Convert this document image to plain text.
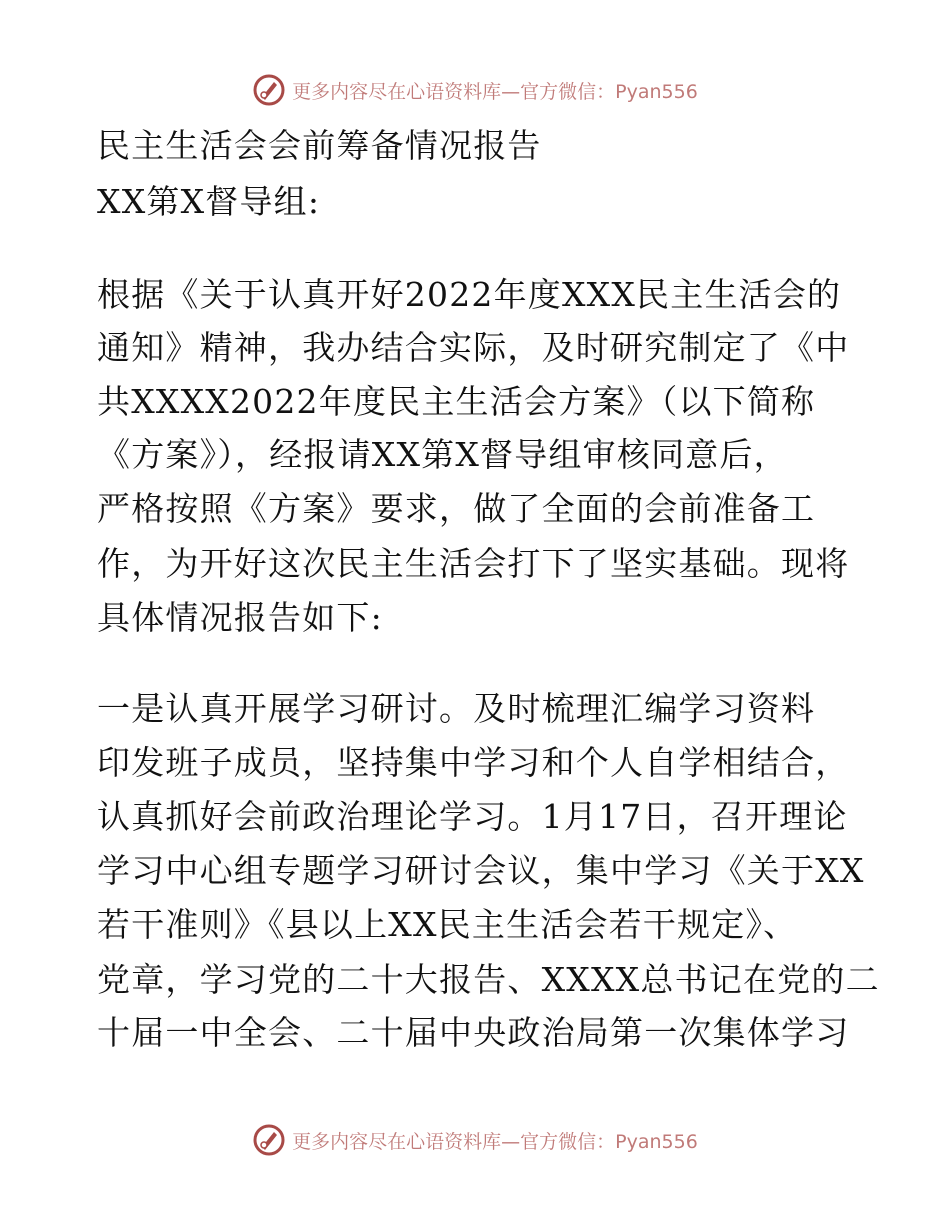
更多内容尽在心语资料库—官方微信：Pyan556
民主生活会会前筹备情况报告
XX第X督导组:
根据《关于认真开好2022年度XXX民主生活会的
通知》精神，我办结合实际，及时研究制定了《中
共XXXX2022年度民主生活会方案》（以下简称
《方案》），经报请XX第X督导组审核同意后，
严格按照《方案》要求，做了全面的会前准备工
作，为开好这次民主生活会打下了坚实基础。现将
具体情况报告如下:
一是认真开展学习研讨。及时梳理汇编学习资料
印发班子成员，坚持集中学习和个人自学相结合，
认真抓好会前政治理论学习。1月17日，召开理论
学习中心组专题学习研讨会议，集中学习《关于XX
若干准则》《县以上XX民主生活会若干规定》、
党章，学习党的二十大报告、XXXX总书记在党的二
十届一中全会、二十届中央政治局第一次集体学习
更多内容尽在心语资料库—官方微信：Pyan556
